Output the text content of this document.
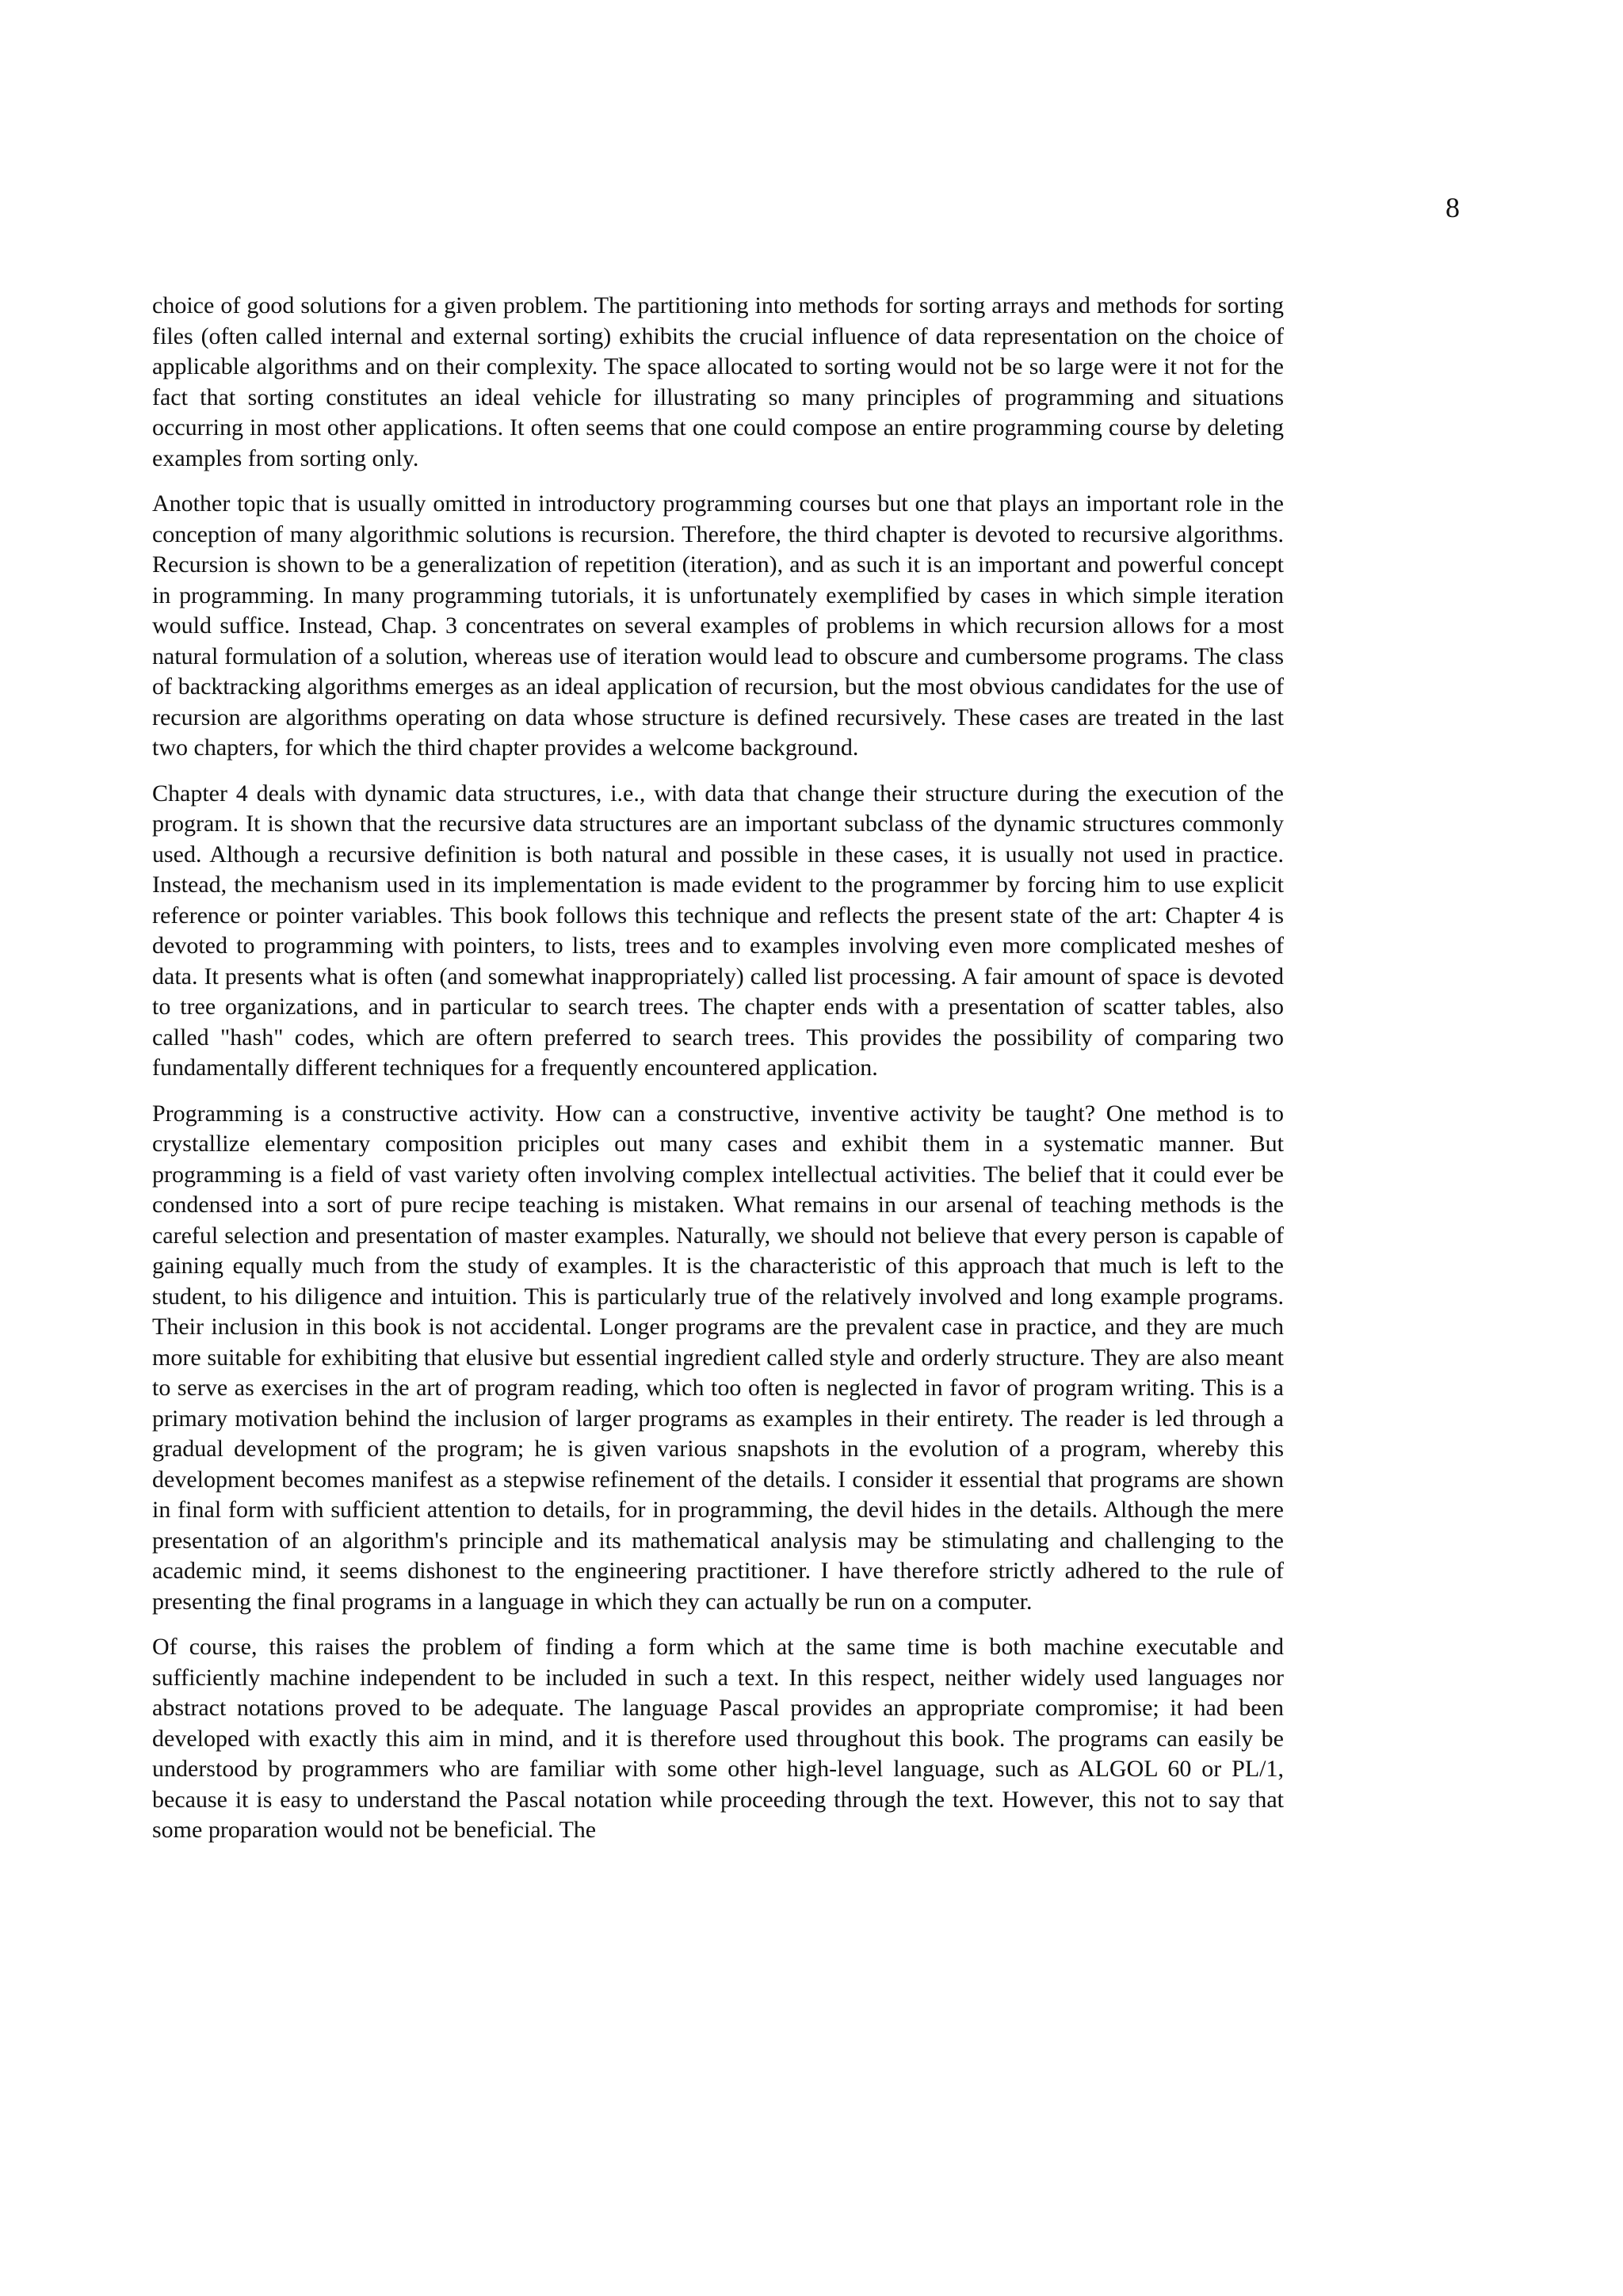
8

choice of good solutions for a given problem. The partitioning into methods for sorting arrays and methods for sorting files (often called internal and external sorting) exhibits the crucial influence of data representation on the choice of applicable algorithms and on their complexity. The space allocated to sorting would not be so large were it not for the fact that sorting constitutes an ideal vehicle for illustrating so many principles of programming and situations occurring in most other applications. It often seems that one could compose an entire programming course by deleting examples from sorting only.

Another topic that is usually omitted in introductory programming courses but one that plays an important role in the conception of many algorithmic solutions is recursion. Therefore, the third chapter is devoted to recursive algorithms. Recursion is shown to be a generalization of repetition (iteration), and as such it is an important and powerful concept in programming. In many programming tutorials, it is unfortunately exemplified by cases in which simple iteration would suffice. Instead, Chap. 3 concentrates on several examples of problems in which recursion allows for a most natural formulation of a solution, whereas use of iteration would lead to obscure and cumbersome programs. The class of backtracking algorithms emerges as an ideal application of recursion, but the most obvious candidates for the use of recursion are algorithms operating on data whose structure is defined recursively. These cases are treated in the last two chapters, for which the third chapter provides a welcome background.

Chapter 4 deals with dynamic data structures, i.e., with data that change their structure during the execution of the program. It is shown that the recursive data structures are an important subclass of the dynamic structures commonly used. Although a recursive definition is both natural and possible in these cases, it is usually not used in practice. Instead, the mechanism used in its implementation is made evident to the programmer by forcing him to use explicit reference or pointer variables. This book follows this technique and reflects the present state of the art: Chapter 4 is devoted to programming with pointers, to lists, trees and to examples involving even more complicated meshes of data. It presents what is often (and somewhat inappropriately) called list processing. A fair amount of space is devoted to tree organizations, and in particular to search trees. The chapter ends with a presentation of scatter tables, also called "hash" codes, which are oftern preferred to search trees. This provides the possibility of comparing two fundamentally different techniques for a frequently encountered application.

Programming is a constructive activity. How can a constructive, inventive activity be taught? One method is to crystallize elementary composition priciples out many cases and exhibit them in a systematic manner. But programming is a field of vast variety often involving complex intellectual activities. The belief that it could ever be condensed into a sort of pure recipe teaching is mistaken. What remains in our arsenal of teaching methods is the careful selection and presentation of master examples. Naturally, we should not believe that every person is capable of gaining equally much from the study of examples. It is the characteristic of this approach that much is left to the student, to his diligence and intuition. This is particularly true of the relatively involved and long example programs. Their inclusion in this book is not accidental. Longer programs are the prevalent case in practice, and they are much more suitable for exhibiting that elusive but essential ingredient called style and orderly structure. They are also meant to serve as exercises in the art of program reading, which too often is neglected in favor of program writing. This is a primary motivation behind the inclusion of larger programs as examples in their entirety. The reader is led through a gradual development of the program; he is given various snapshots in the evolution of a program, whereby this development becomes manifest as a stepwise refinement of the details. I consider it essential that programs are shown in final form with sufficient attention to details, for in programming, the devil hides in the details. Although the mere presentation of an algorithm's principle and its mathematical analysis may be stimulating and challenging to the academic mind, it seems dishonest to the engineering practitioner. I have therefore strictly adhered to the rule of presenting the final programs in a language in which they can actually be run on a computer.

Of course, this raises the problem of finding a form which at the same time is both machine executable and sufficiently machine independent to be included in such a text. In this respect, neither widely used languages nor abstract notations proved to be adequate. The language Pascal provides an appropriate compromise; it had been developed with exactly this aim in mind, and it is therefore used throughout this book. The programs can easily be understood by programmers who are familiar with some other high-level language, such as ALGOL 60 or PL/1, because it is easy to understand the Pascal notation while proceeding through the text. However, this not to say that some proparation would not be beneficial. The
